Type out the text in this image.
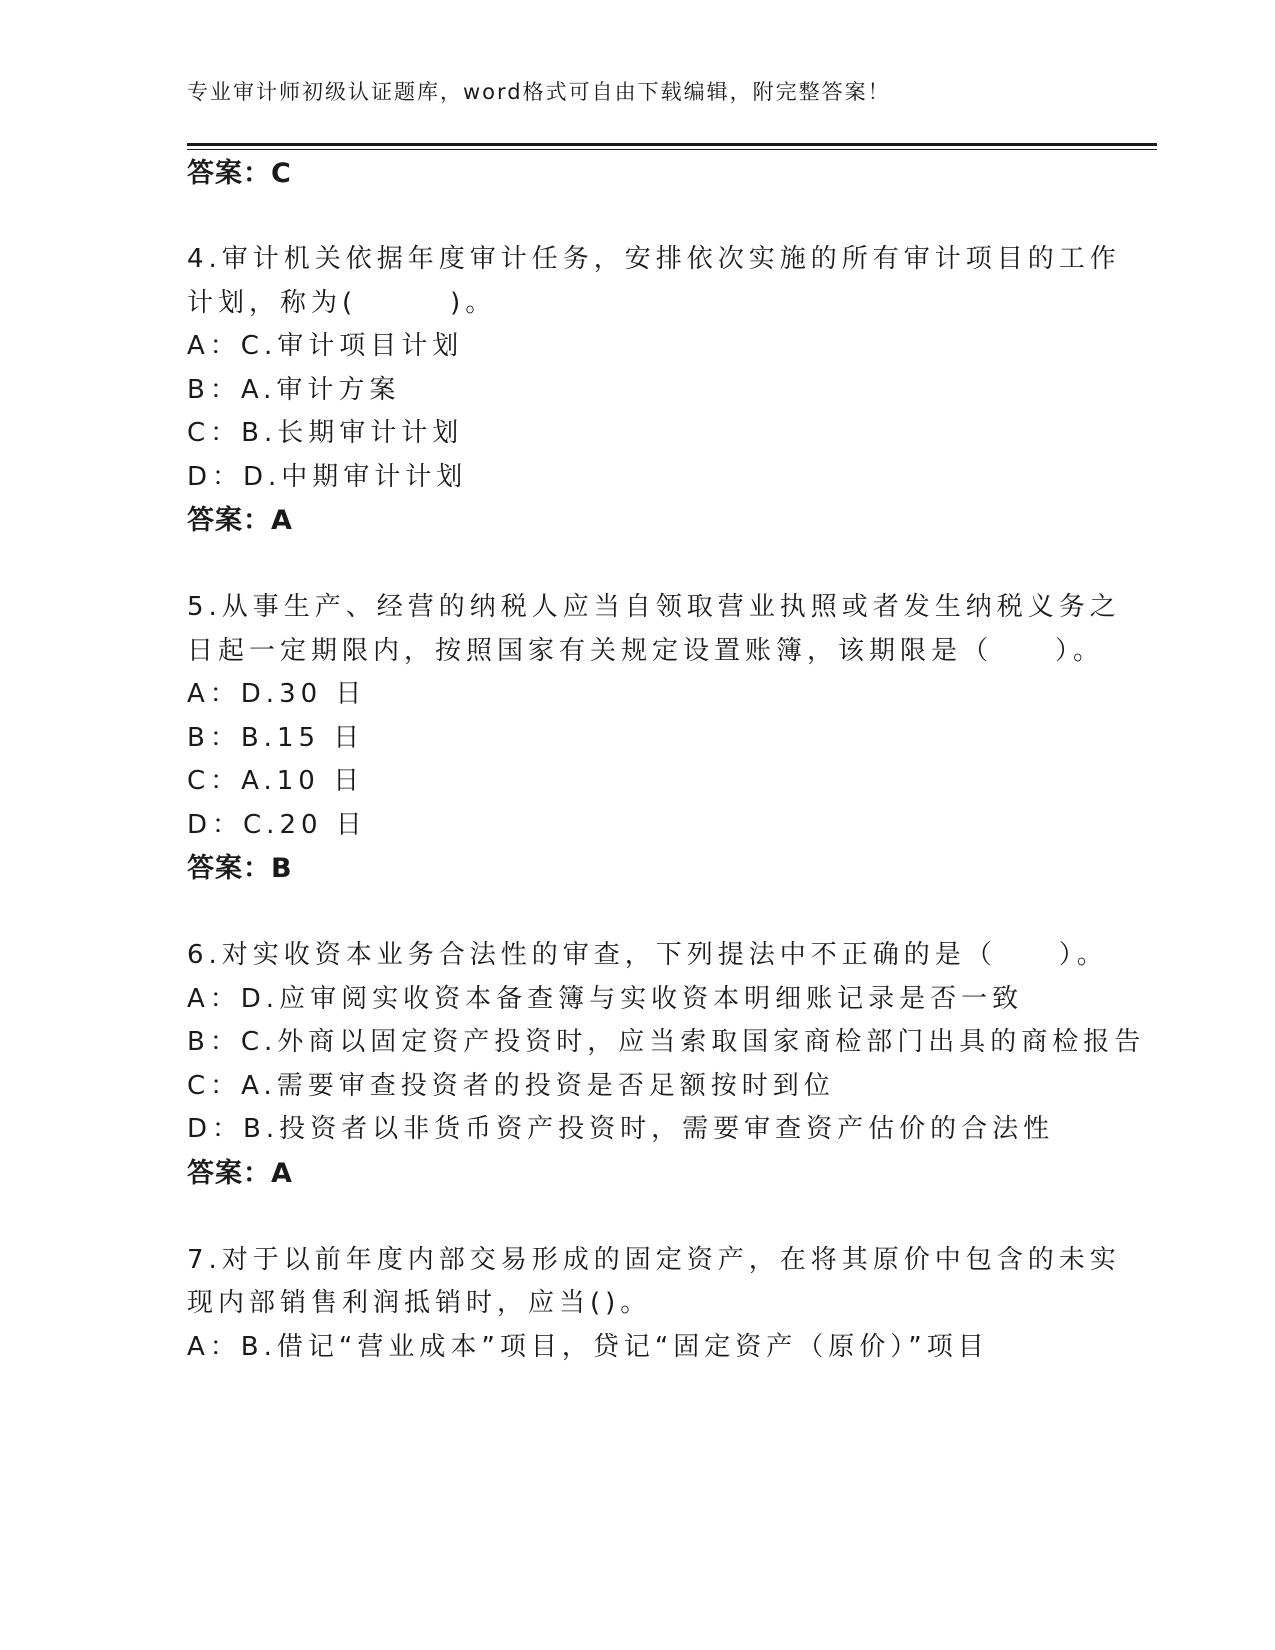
专业审计师初级认证题库，word格式可自由下载编辑，附完整答案！
答案：C
4.审计机关依据年度审计任务，安排依次实施的所有审计项目的工作
计划，称为(　　　)。
A：C.审计项目计划
B：A.审计方案
C：B.长期审计计划
D：D.中期审计计划
答案：A
5.从事生产、经营的纳税人应当自领取营业执照或者发生纳税义务之
日起一定期限内，按照国家有关规定设置账簿，该期限是（　　）。
A：D.30 日
B：B.15 日
C：A.10 日
D：C.20 日
答案：B
6.对实收资本业务合法性的审查，下列提法中不正确的是（　　）。
A：D.应审阅实收资本备查簿与实收资本明细账记录是否一致
B：C.外商以固定资产投资时，应当索取国家商检部门出具的商检报告
C：A.需要审查投资者的投资是否足额按时到位
D：B.投资者以非货币资产投资时，需要审查资产估价的合法性
答案：A
7.对于以前年度内部交易形成的固定资产，在将其原价中包含的未实
现内部销售利润抵销时，应当()。
A：B.借记“营业成本”项目，贷记“固定资产（原价）”项目
